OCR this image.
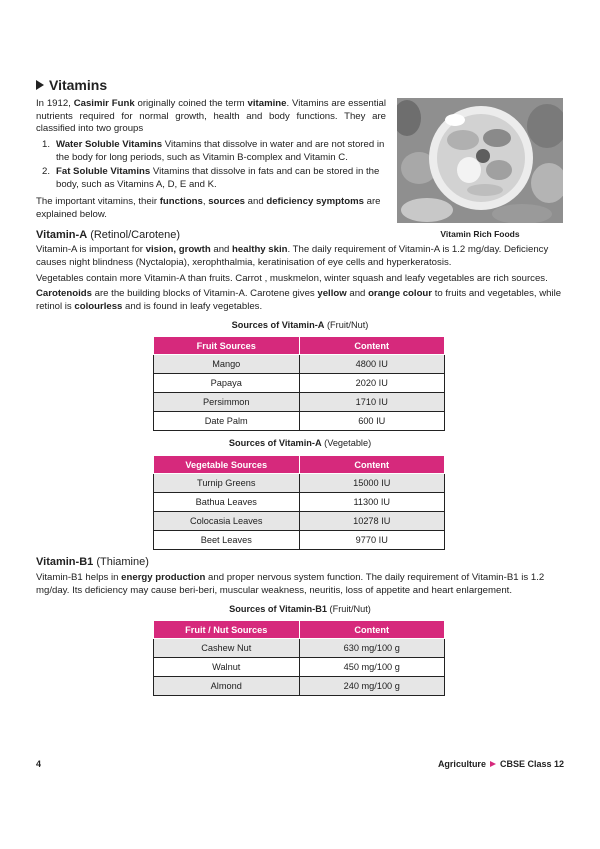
Vitamins

In 1912, Casimir Funk originally coined the term vitamine. Vitamins are essential nutrients required for normal growth, health and body functions. They are classified into two groups

1. Water Soluble Vitamins Vitamins that dissolve in water and are not stored in the body for long periods, such as Vitamin B-complex and Vitamin C.
2. Fat Soluble Vitamins Vitamins that dissolve in fats and can be stored in the body, such as Vitamins A, D, E and K.

The important vitamins, their functions, sources and deficiency symptoms are explained below.

Vitamin Rich Foods
Vitamin-A (Retinol/Carotene)

Vitamin-A is important for vision, growth and healthy skin. The daily requirement of Vitamin-A is 1.2 mg/day. Deficiency causes night blindness (Nyctalopia), xerophthalmia, keratinisation of eye cells and hyperkeratosis.

Vegetables contain more Vitamin-A than fruits. Carrot , muskmelon, winter squash and leafy vegetables are rich sources.

Carotenoids are the building blocks of Vitamin-A. Carotene gives yellow and orange colour to fruits and vegetables, while retinol is colourless and is found in leafy vegetables.

Sources of Vitamin-A (Fruit/Nut)
Fruit Sources	Content
Mango	4800 IU
Papaya	2020 IU
Persimmon	1710 IU
Date Palm	600 IU
Sources of Vitamin-A (Vegetable)
Vegetable Sources	Content
Turnip Greens	15000 IU
Bathua Leaves	11300 IU
Colocasia Leaves	10278 IU
Beet Leaves	9770 IU
Vitamin-B1 (Thiamine)

Vitamin-B1 helps in energy production and proper nervous system function. The daily requirement of Vitamin-B1 is 1.2 mg/day. Its deficiency may cause beri-beri, muscular weakness, neuritis, loss of appetite and heart enlargement.

Sources of Vitamin-B1 (Fruit/Nut)
Fruit / Nut Sources	Content
Cashew Nut	630 mg/100 g
Walnut	450 mg/100 g
Almond	240 mg/100 g
4	Agriculture CBSE Class 12
